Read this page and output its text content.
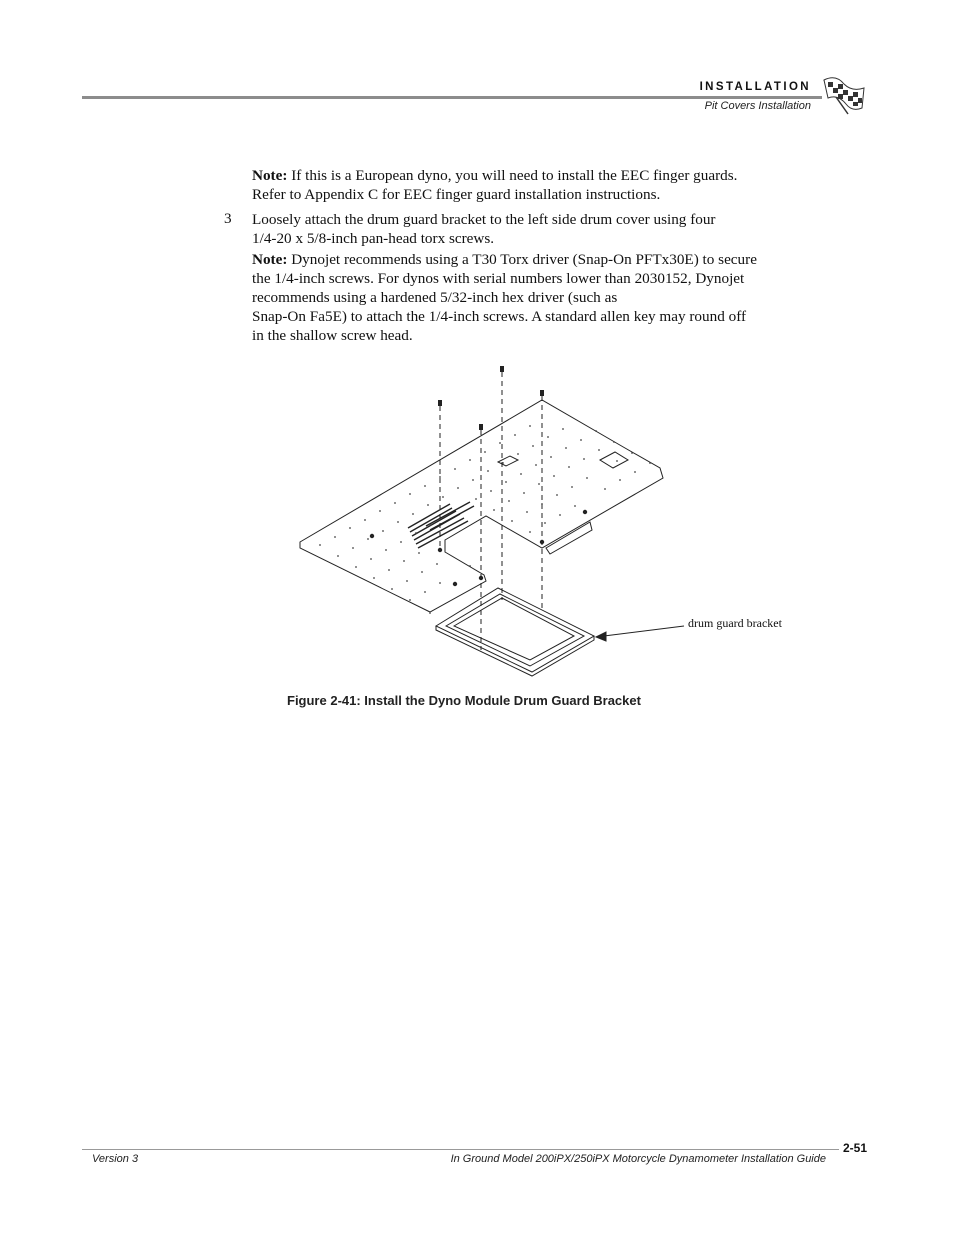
INSTALLATION
Pit Covers Installation
Note: If this is a European dyno, you will need to install the EEC finger guards.
Refer to Appendix C for EEC finger guard installation instructions.
3 Loosely attach the drum guard bracket to the left side drum cover using four
1/4-20 x 5/8-inch pan-head torx screws.
Note: Dynojet recommends using a T30 Torx driver (Snap-On PFTx30E) to secure
the 1/4-inch screws. For dynos with serial numbers lower than 2030152, Dynojet
recommends using a hardened 5/32-inch hex driver (such as
Snap-On Fa5E) to attach the 1/4-inch screws. A standard allen key may round off
in the shallow screw head.
drum guard bracket
Figure 2-41: Install the Dyno Module Drum Guard Bracket
2-51
Version 3	In Ground Model 200iPX/250iPX Motorcycle Dynamometer Installation Guide
